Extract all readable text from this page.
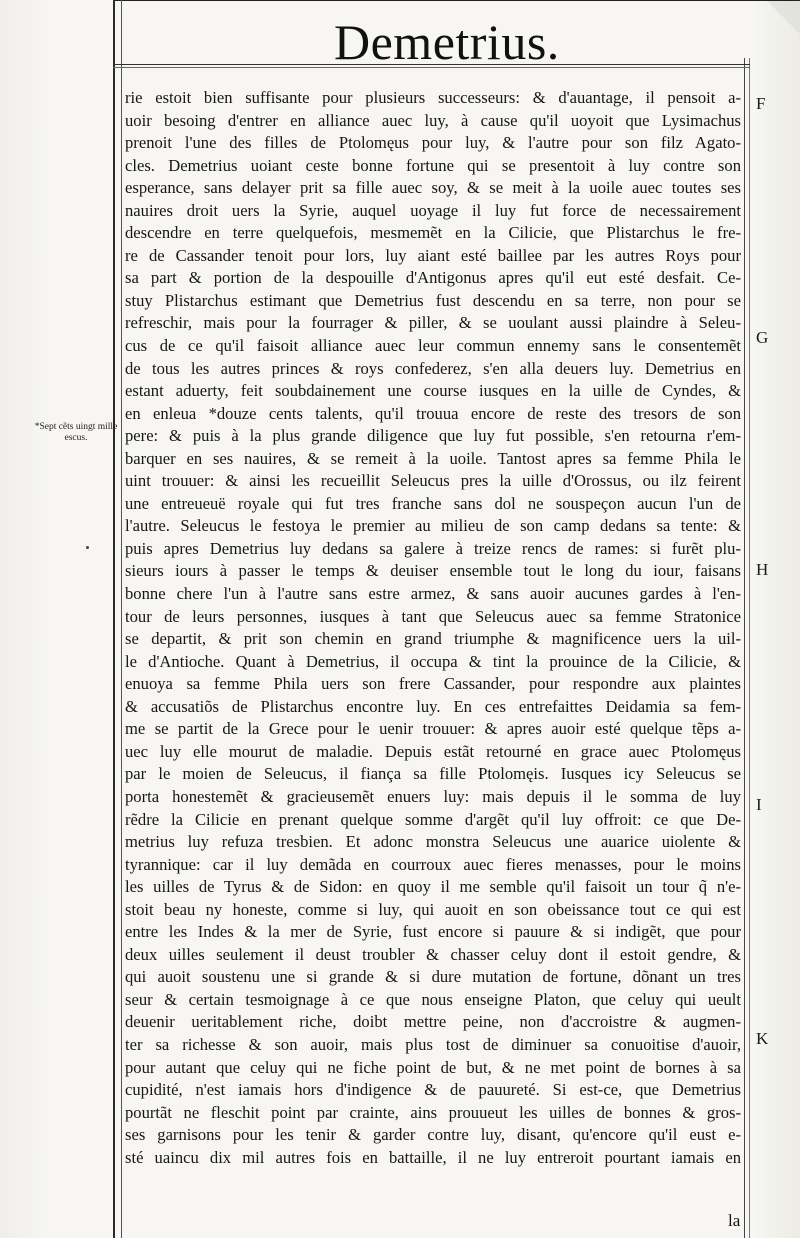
Demetrius.
*Sept cẽts uingt mille escus.
F
G
H
I
K
rie estoit bien suffisante pour plusieurs successeurs: & d'auantage, il pensoit a-
uoir besoing d'entrer en alliance auec luy, à cause qu'il uoyoit que Lysimachus
prenoit l'une des filles de Ptolomęus pour luy, & l'autre pour son filz Agato-
cles. Demetrius uoiant ceste bonne fortune qui se presentoit à luy contre son
esperance, sans delayer prit sa fille auec soy, & se meit à la uoile auec toutes ses
nauires droit uers la Syrie, auquel uoyage il luy fut force de necessairement
descendre en terre quelquefois, mesmemẽt en la Cilicie, que Plistarchus le fre-
re de Cassander tenoit pour lors, luy aiant esté baillee par les autres Roys pour
sa part & portion de la despouille d'Antigonus apres qu'il eut esté desfait. Ce-
stuy Plistarchus estimant que Demetrius fust descendu en sa terre, non pour se
refreschir, mais pour la fourrager & piller, & se uoulant aussi plaindre à Seleu-
cus de ce qu'il faisoit alliance auec leur commun ennemy sans le consentemẽt
de tous les autres princes & roys confederez, s'en alla deuers luy. Demetrius en
estant aduerty, feit soubdainement une course iusques en la uille de Cyndes, &
en enleua *douze cents talents, qu'il trouua encore de reste des tresors de son
pere: & puis à la plus grande diligence que luy fut possible, s'en retourna r'em-
barquer en ses nauires, & se remeit à la uoile. Tantost apres sa femme Phila le
uint trouuer: & ainsi les recueillit Seleucus pres la uille d'Orossus, ou ilz feirent
une entreueuë royale qui fut tres franche sans dol ne souspeçon aucun l'un de
l'autre. Seleucus le festoya le premier au milieu de son camp dedans sa tente: &
puis apres Demetrius luy dedans sa galere à treize rencs de rames: si furẽt plu-
sieurs iours à passer le temps & deuiser ensemble tout le long du iour, faisans
bonne chere l'un à l'autre sans estre armez, & sans auoir aucunes gardes à l'en-
tour de leurs personnes, iusques à tant que Seleucus auec sa femme Stratonice
se departit, & prit son chemin en grand triumphe & magnificence uers la uil-
le d'Antioche. Quant à Demetrius, il occupa & tint la prouince de la Cilicie, &
enuoya sa femme Phila uers son frere Cassander, pour respondre aux plaintes
& accusatiõs de Plistarchus encontre luy. En ces entrefaittes Deidamia sa fem-
me se partit de la Grece pour le uenir trouuer: & apres auoir esté quelque tẽps a-
uec luy elle mourut de maladie. Depuis estãt retourné en grace auec Ptolomęus
par le moien de Seleucus, il fiança sa fille Ptolomęis. Iusques icy Seleucus se
porta honestemẽt & gracieusemẽt enuers luy: mais depuis il le somma de luy
rẽdre la Cilicie en prenant quelque somme d'argẽt qu'il luy offroit: ce que De-
metrius luy refuza tresbien. Et adonc monstra Seleucus une auarice uiolente &
tyrannique: car il luy demãda en courroux auec fieres menasses, pour le moins
les uilles de Tyrus & de Sidon: en quoy il me semble qu'il faisoit un tour q̃ n'e-
stoit beau ny honeste, comme si luy, qui auoit en son obeissance tout ce qui est
entre les Indes & la mer de Syrie, fust encore si pauure & si indigẽt, que pour
deux uilles seulement il deust troubler & chasser celuy dont il estoit gendre, &
qui auoit soustenu une si grande & si dure mutation de fortune, dõnant un tres
seur & certain tesmoignage à ce que nous enseigne Platon, que celuy qui ueult
deuenir ueritablement riche, doibt mettre peine, non d'accroistre & augmen-
ter sa richesse & son auoir, mais plus tost de diminuer sa conuoitise d'auoir,
pour autant que celuy qui ne fiche point de but, & ne met point de bornes à sa
cupidité, n'est iamais hors d'indigence & de pauureté. Si est-ce, que Demetrius
pourtãt ne fleschit point par crainte, ains prouueut les uilles de bonnes & gros-
ses garnisons pour les tenir & garder contre luy, disant, qu'encore qu'il eust e-
sté uaincu dix mil autres fois en battaille, il ne luy entreroit pourtant iamais en
la
